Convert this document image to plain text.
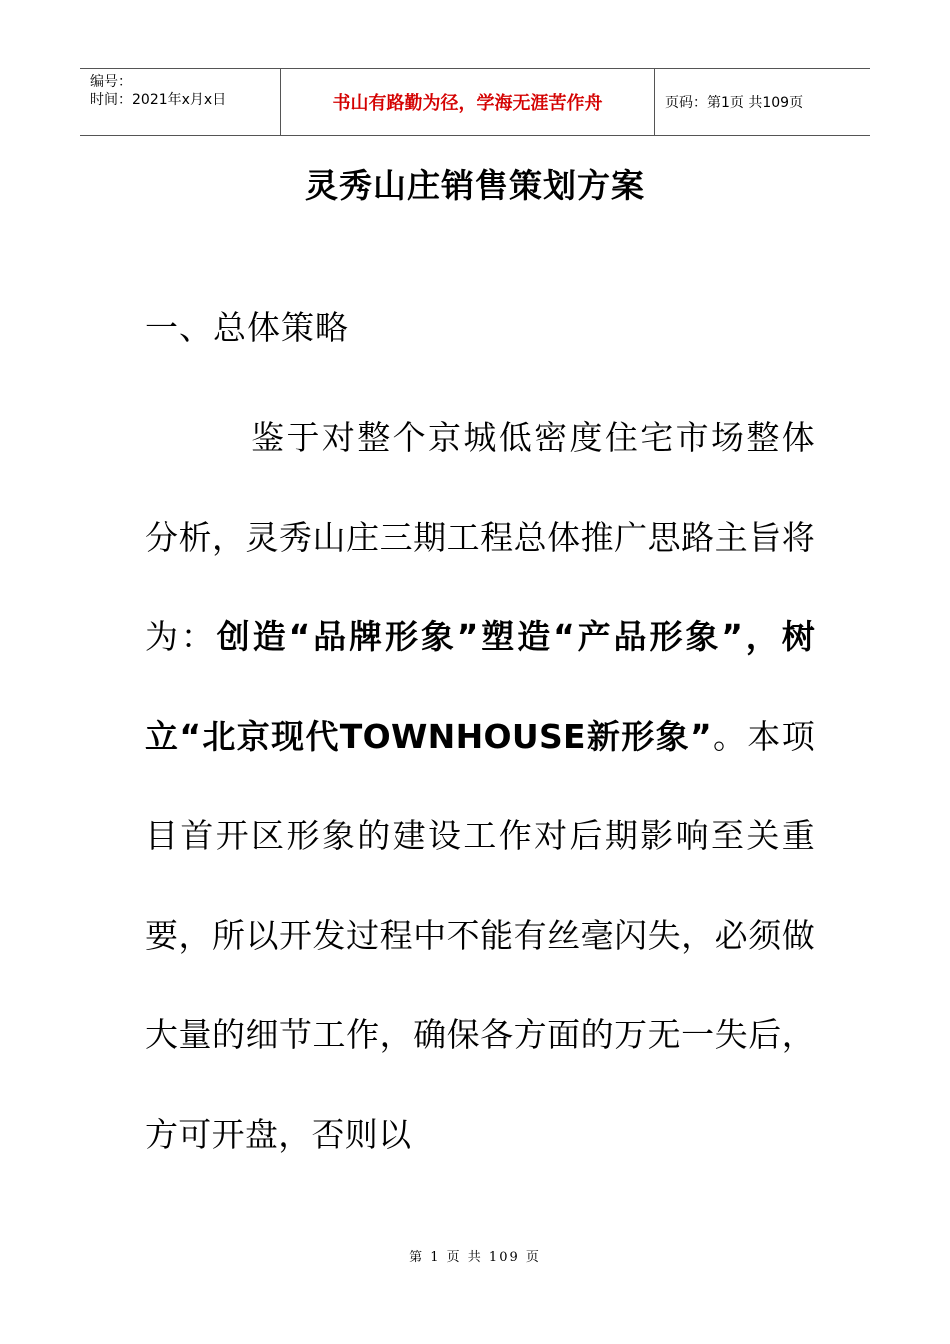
编号：
时间：2021年x月x日	书山有路勤为径，学海无涯苦作舟	页码：第1页 共109页
灵秀山庄销售策划方案
一、总体策略
鉴于对整个京城低密度住宅市场整体分析，灵秀山庄三期工程总体推广思路主旨将为：创造“品牌形象”塑造“产品形象”，树立“北京现代TOWNHOUSE新形象”。本项目首开区形象的建设工作对后期影响至关重要，所以开发过程中不能有丝毫闪失，必须做大量的细节工作，确保各方面的万无一失后，方可开盘，否则以
第 1 页 共 109 页
